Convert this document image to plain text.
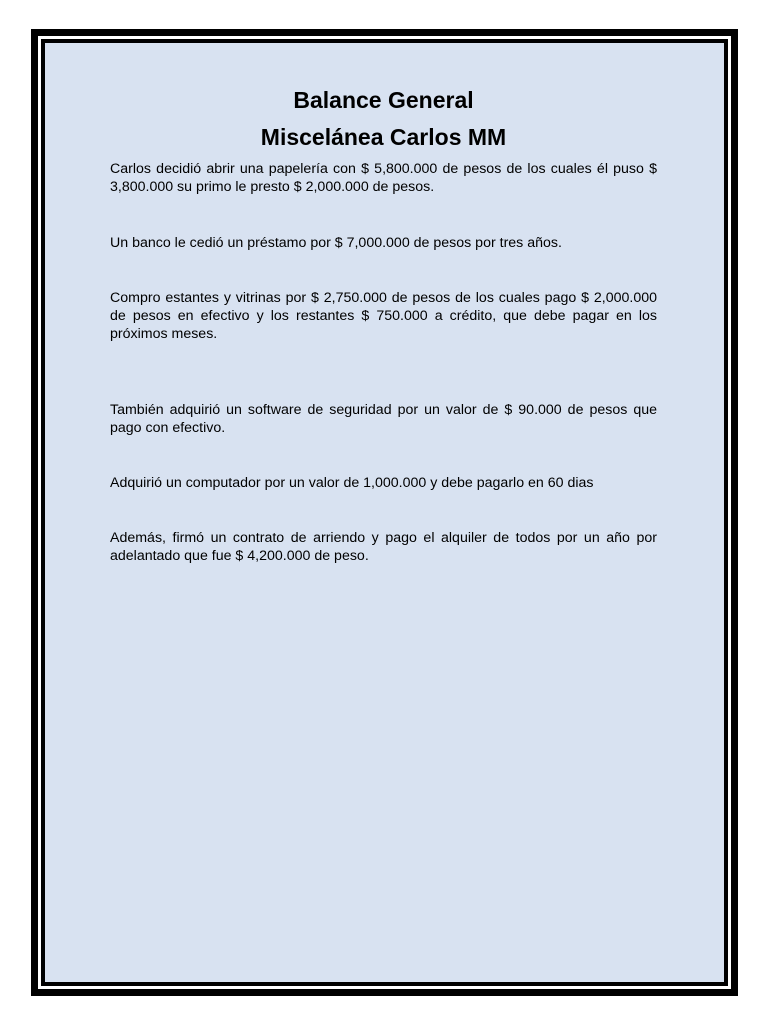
Balance General
Miscelánea Carlos MM

Carlos decidió abrir una papelería con $ 5,800.000 de pesos de los cuales él puso $ 3,800.000 su primo le presto $ 2,000.000 de pesos.

Un banco le cedió un préstamo por $ 7,000.000 de pesos por tres años.

Compro estantes y vitrinas por $ 2,750.000 de pesos de los cuales pago $ 2,000.000 de pesos en efectivo y los restantes $ 750.000 a crédito, que debe pagar en los próximos meses.

También adquirió un software de seguridad por un valor de $ 90.000 de pesos que pago con efectivo.

Adquirió un computador por un valor de 1,000.000 y debe pagarlo en 60 dias

Además, firmó un contrato de arriendo y pago el alquiler de todos por un año por adelantado que fue $ 4,200.000 de peso.
